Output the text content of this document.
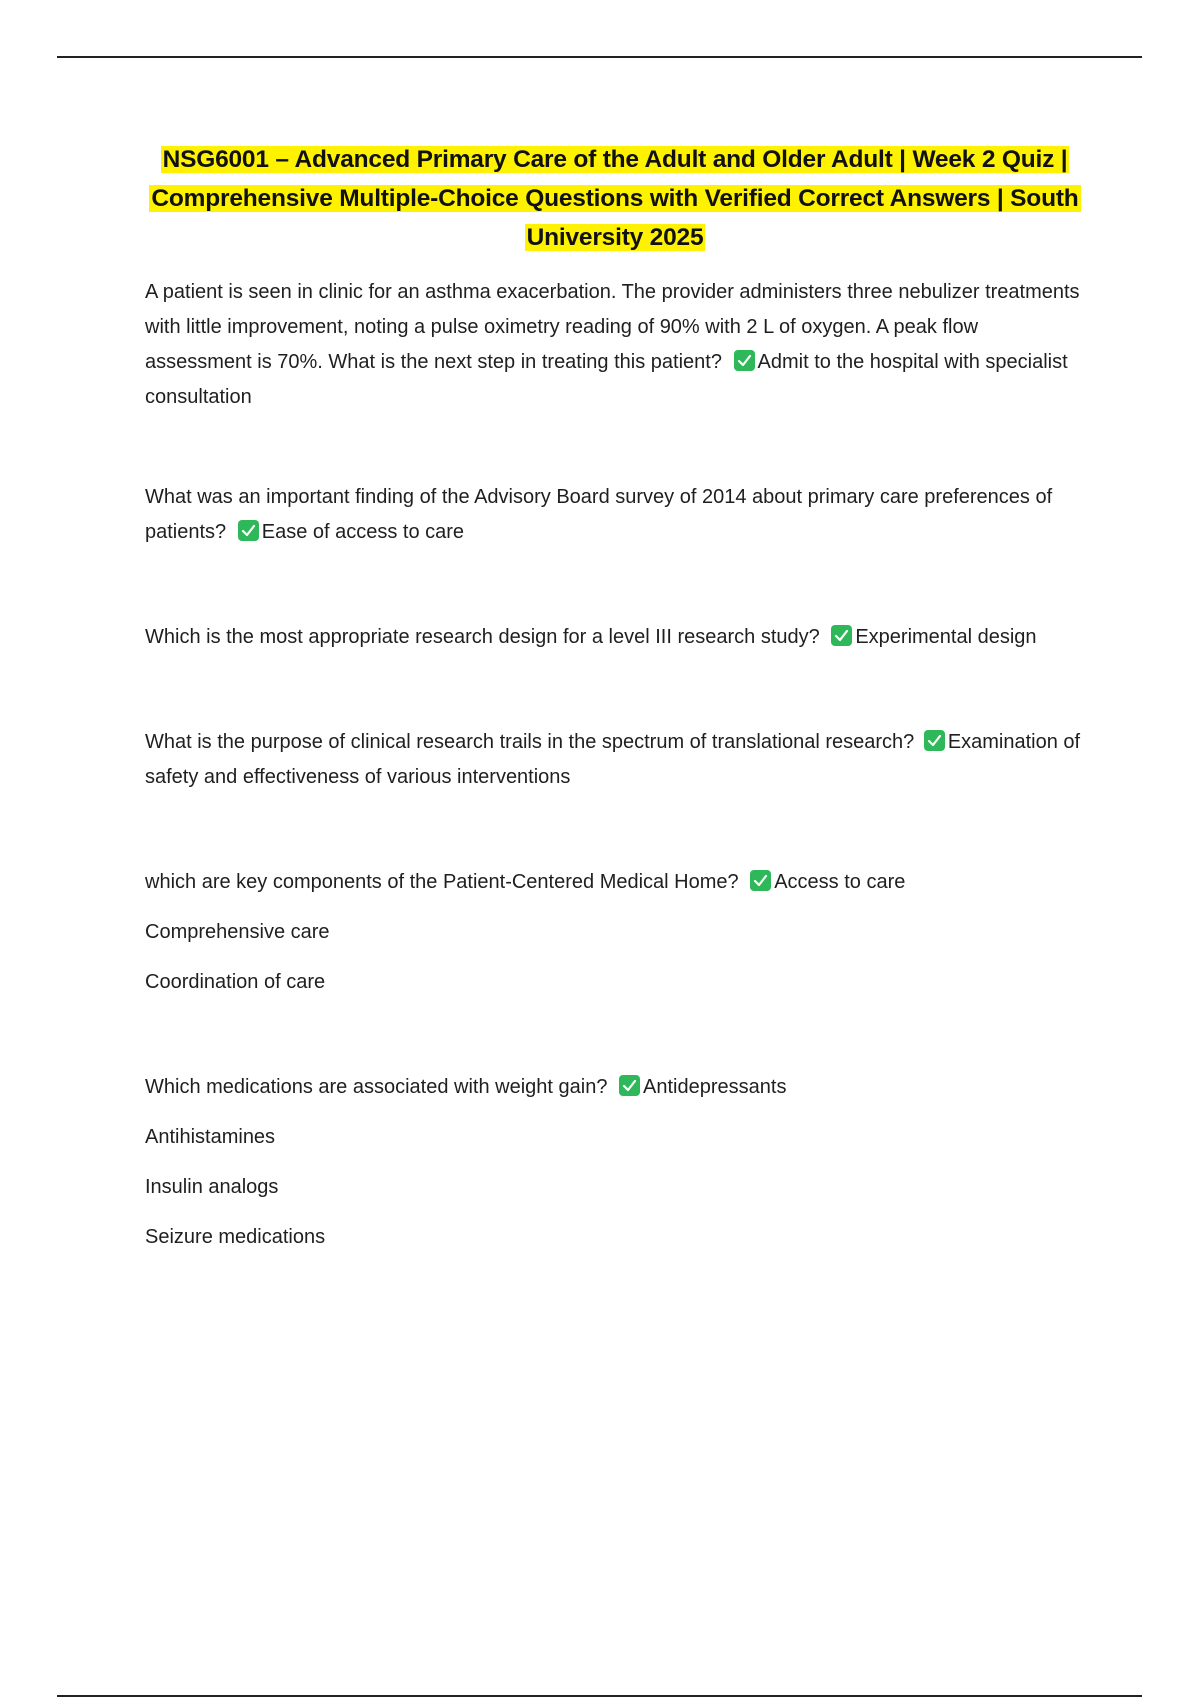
NSG6001 – Advanced Primary Care of the Adult and Older Adult | Week 2 Quiz | Comprehensive Multiple-Choice Questions with Verified Correct Answers | South University 2025

A patient is seen in clinic for an asthma exacerbation. The provider administers three nebulizer treatments with little improvement, noting a pulse oximetry reading of 90% with 2 L of oxygen. A peak flow assessment is 70%. What is the next step in treating this patient?
Admit to the hospital with specialist consultation

What was an important finding of the Advisory Board survey of 2014 about primary care preferences of patients?
Ease of access to care

Which is the most appropriate research design for a level III research study?
Experimental design

What is the purpose of clinical research trails in the spectrum of translational research?
Examination of safety and effectiveness of various interventions

which are key components of the Patient-Centered Medical Home?
Access to care

Comprehensive care

Coordination of care

Which medications are associated with weight gain?
Antidepressants

Antihistamines

Insulin analogs

Seizure medications
